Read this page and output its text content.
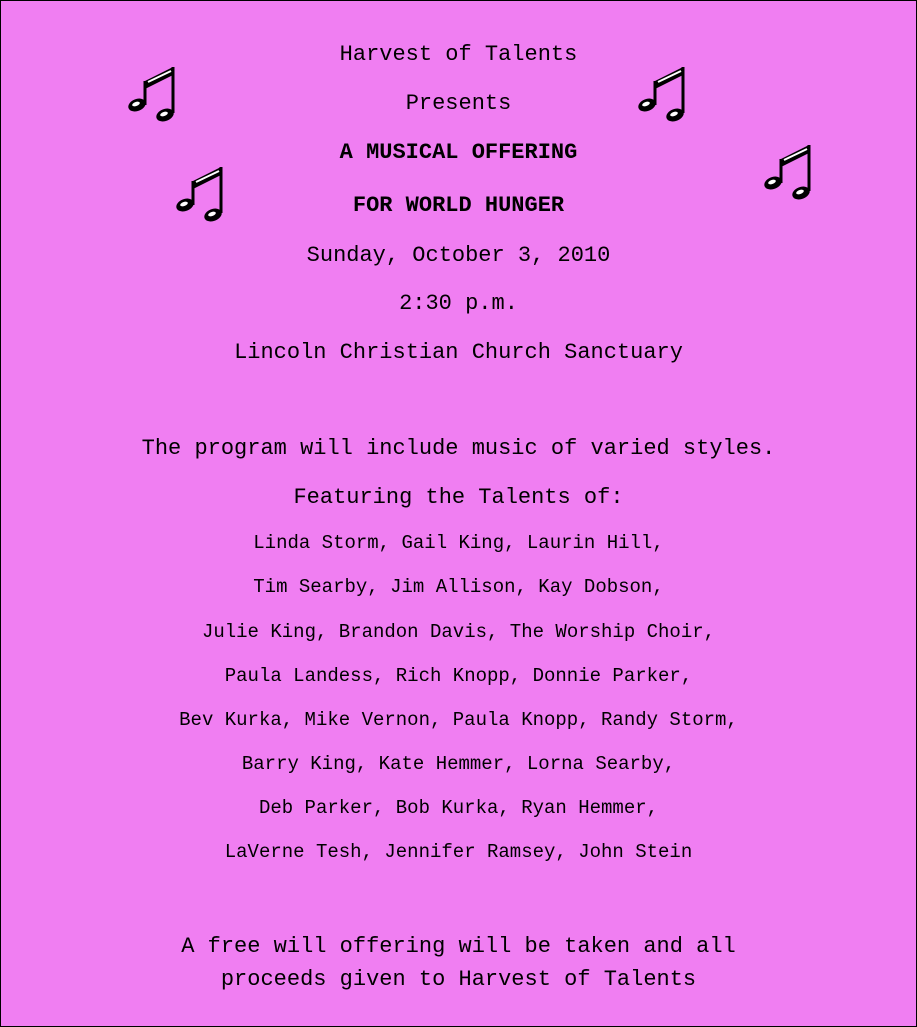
Harvest of Talents
Presents
A MUSICAL OFFERING
FOR WORLD HUNGER
Sunday, October 3, 2010
2:30 p.m.
Lincoln Christian Church Sanctuary
The program will include music of varied styles.
Featuring the Talents of:
Linda Storm, Gail King, Laurin Hill,
Tim Searby, Jim Allison, Kay Dobson,
Julie King, Brandon Davis, The Worship Choir,
Paula Landess, Rich Knopp, Donnie Parker,
Bev Kurka, Mike Vernon, Paula Knopp, Randy Storm,
Barry King, Kate Hemmer, Lorna Searby,
Deb Parker, Bob Kurka, Ryan Hemmer,
LaVerne Tesh, Jennifer Ramsey, John Stein
A free will offering will be taken and all
proceeds given to Harvest of Talents
